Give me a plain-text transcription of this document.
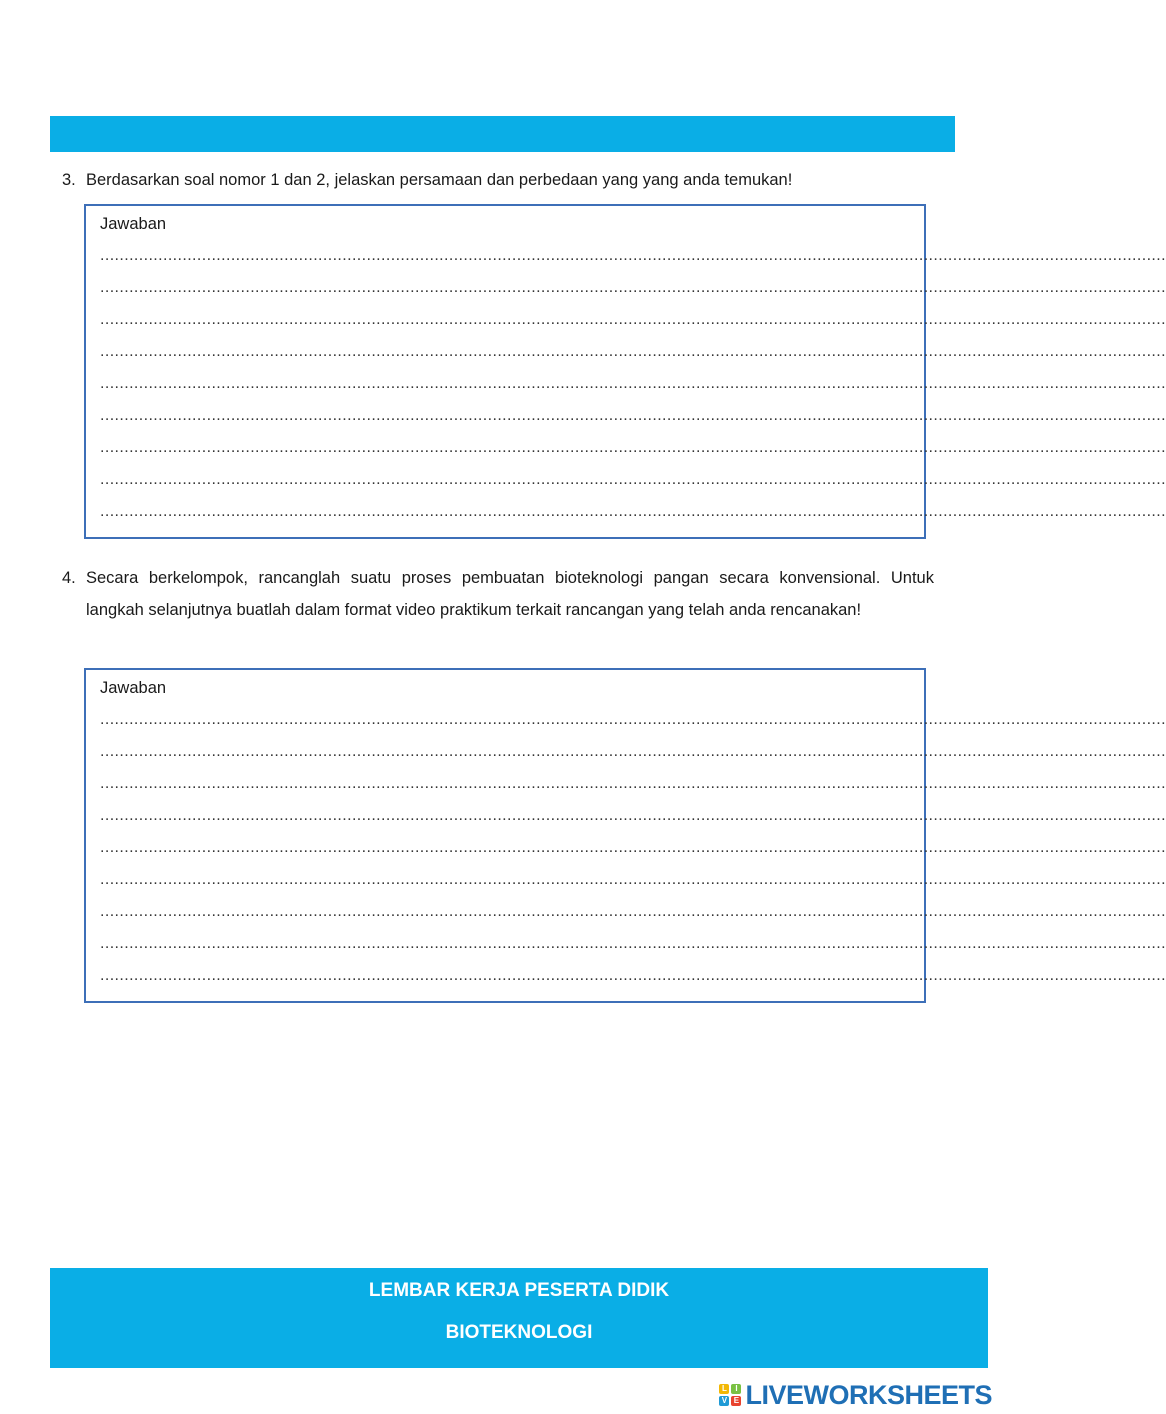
3. Berdasarkan soal nomor 1 dan 2, jelaskan persamaan dan perbedaan yang yang anda temukan!
Jawaban
............................................................................................................................................................................................................................
............................................................................................................................................................................................................................
............................................................................................................................................................................................................................
............................................................................................................................................................................................................................
............................................................................................................................................................................................................................
............................................................................................................................................................................................................................
............................................................................................................................................................................................................................
............................................................................................................................................................................................................................
............................................................................................................................................................................................................................
4. Secara berkelompok, rancanglah suatu proses pembuatan bioteknologi pangan secara konvensional. Untuk langkah selanjutnya buatlah dalam format video praktikum terkait rancangan yang telah anda rencanakan!
Jawaban
............................................................................................................................................................................................................................
............................................................................................................................................................................................................................
............................................................................................................................................................................................................................
............................................................................................................................................................................................................................
............................................................................................................................................................................................................................
............................................................................................................................................................................................................................
............................................................................................................................................................................................................................
............................................................................................................................................................................................................................
............................................................................................................................................................................................................................
LEMBAR KERJA PESERTA DIDIK
BIOTEKNOLOGI
L	I
V E LIVEWORKSHEETS
